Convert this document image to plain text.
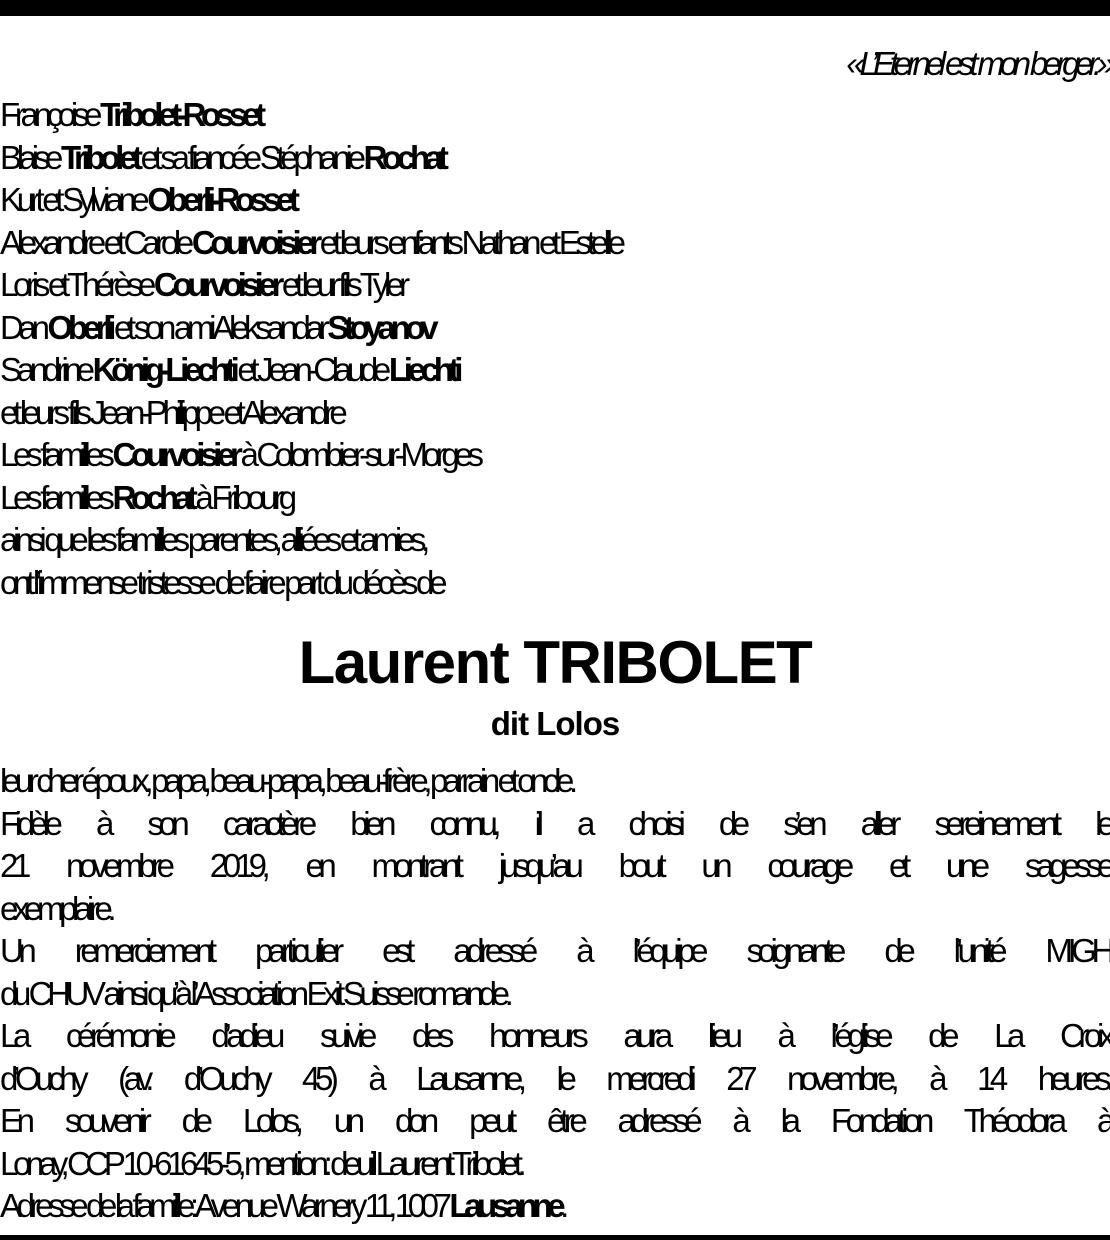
«L’Eternel est mon berger.»
Françoise Tribolet-Rosset
Blaise Tribolet et sa fiancée Stéphanie Rochat
Kurt et Sylviane Oberli-Rosset
Alexandre et Carole Courvoisier et leurs enfants Nathan et Estelle
Loris et Thérèse Courvoisier et leur fils Tyler
Dan Oberli et son ami Aleksandar Stoyanov
Sandrine König-Liechti et Jean-Claude Liechti
et leurs fils Jean-Philippe et Alexandre
Les familles Courvoisier à Colombier-sur-Morges
Les familles Rochat à Fribourg
ainsi que les familles parentes, alliées et amies,
ont l’immense tristesse de faire part du décès de
Laurent TRIBOLET
dit Lolos
leur cher époux, papa, beau-papa, beau-frère, parrain et oncle.
Fidèle à son caractère bien connu, il a choisi de s’en aller sereinement le
21 novembre 2019, en montrant jusqu’au bout un courage et une sagesse
exemplaire.
Un remerciement particulier est adressé à l’équipe soignante de l’unité MIGH
du CHUV ainsi qu’à l’Association Exit Suisse romande.
La cérémonie d’adieu suivie des honneurs aura lieu à l’église de La Croix
d’Ouchy (av. d’Ouchy 45) à Lausanne, le mercredi 27 novembre, à 14 heures.
En souvenir de Lolos, un don peut être adressé à la Fondation Théodora à
Lonay, CCP 10-61645-5, mention: deuil Laurent Tribolet.
Adresse de la famille: Avenue Warnery 11, 1007 Lausanne.
